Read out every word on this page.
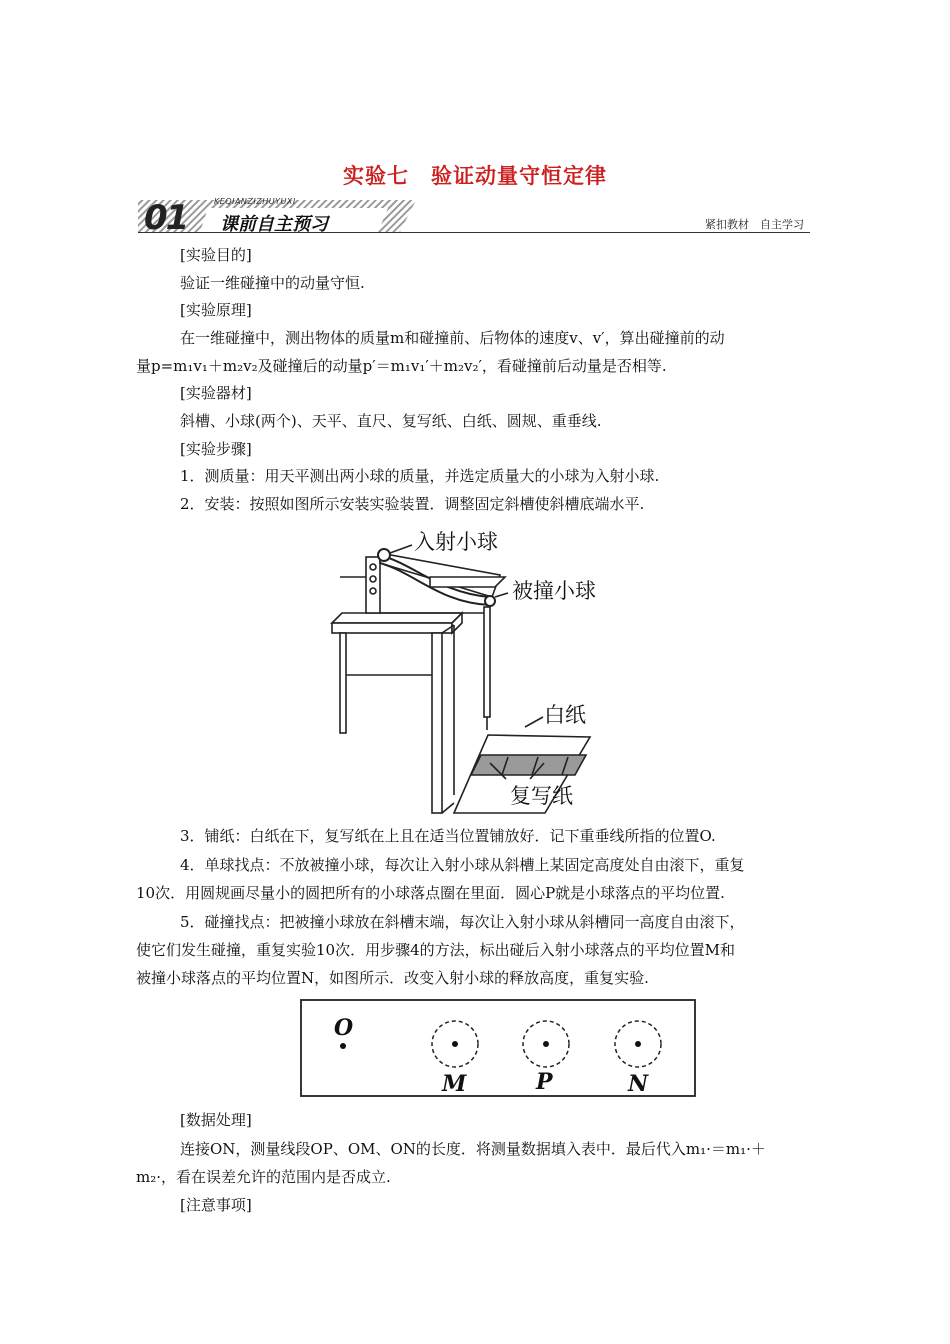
实验七　验证动量守恒定律
01	KEQIANZIZHUYUXI
课前自主预习	紧扣教材　自主学习
[实验目的]
验证一维碰撞中的动量守恒.
[实验原理]
在一维碰撞中，测出物体的质量m和碰撞前、后物体的速度v、v′，算出碰撞前的动
量p=m₁v₁＋m₂v₂及碰撞后的动量p′＝m₁v₁′＋m₂v₂′，看碰撞前后动量是否相等.
[实验器材]
斜槽、小球(两个)、天平、直尺、复写纸、白纸、圆规、重垂线.
[实验步骤]
1．测质量：用天平测出两小球的质量，并选定质量大的小球为入射小球.
2．安装：按照如图所示安装实验装置．调整固定斜槽使斜槽底端水平.
入射小球
被撞小球
白纸
复写纸
3．铺纸：白纸在下，复写纸在上且在适当位置铺放好．记下重垂线所指的位置O.
4．单球找点：不放被撞小球，每次让入射小球从斜槽上某固定高度处自由滚下，重复
10次．用圆规画尽量小的圆把所有的小球落点圈在里面．圆心P就是小球落点的平均位置.
5．碰撞找点：把被撞小球放在斜槽末端，每次让入射小球从斜槽同一高度自由滚下，
使它们发生碰撞，重复实验10次．用步骤4的方法，标出碰后入射小球落点的平均位置M和
被撞小球落点的平均位置N，如图所示．改变入射小球的释放高度，重复实验.
O
M	P	N
[数据处理]
连接ON，测量线段OP、OM、ON的长度．将测量数据填入表中．最后代入m₁·＝m₁·＋
m₂·，看在误差允许的范围内是否成立.
[注意事项]
